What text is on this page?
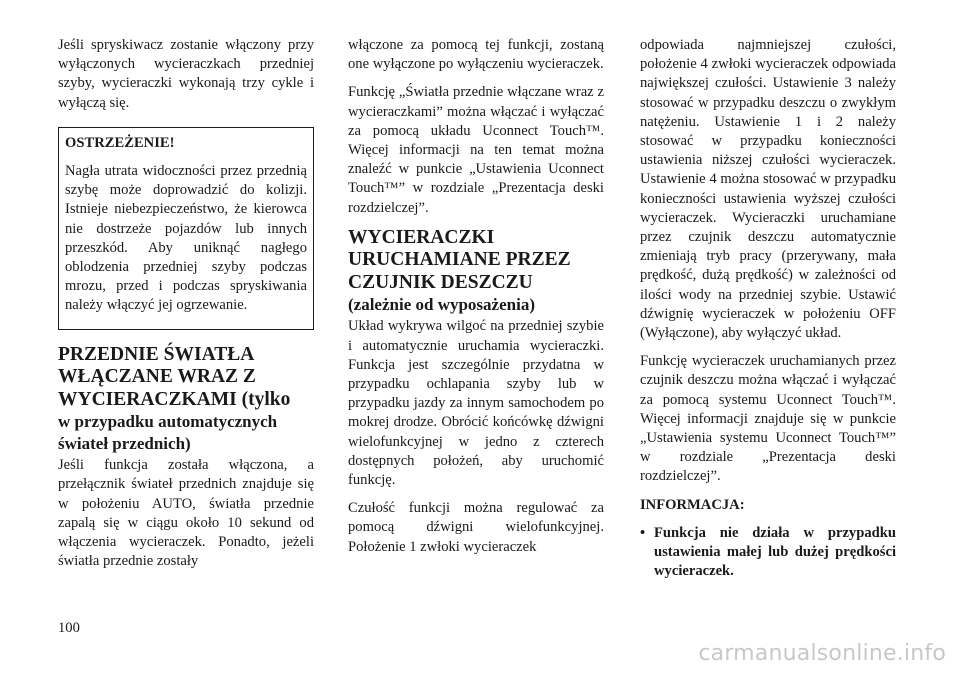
Jeśli spryskiwacz zostanie włączony przy wyłączonych wycieraczkach przedniej szyby, wycieraczki wykonają trzy cykle i wyłączą się.

OSTRZEŻENIE!

Nagła utrata widoczności przez przednią szybę może doprowadzić do kolizji. Istnieje niebezpieczeństwo, że kierowca nie dostrzeże pojazdów lub innych przeszkód. Aby uniknąć nagłego oblodzenia przedniej szyby podczas mrozu, przed i podczas spryskiwania należy włączyć jej ogrzewanie.

PRZEDNIE ŚWIATŁA WŁĄCZANE WRAZ Z WYCIERACZKAMI (tylko
w przypadku automatycznych świateł przednich)

Jeśli funkcja została włączona, a przełącznik świateł przednich znajduje się w położeniu AUTO, światła przednie zapalą się w ciągu około 10 sekund od włączenia wycieraczek. Ponadto, jeżeli światła przednie zostały

włączone za pomocą tej funkcji, zostaną one wyłączone po wyłączeniu wycieraczek.

Funkcję „Światła przednie włączane wraz z wycieraczkami” można włączać i wyłączać za pomocą układu Uconnect Touch™. Więcej informacji na ten temat można znaleźć w punkcie „Ustawienia Uconnect Touch™” w rozdziale „Prezentacja deski rozdzielczej”.

WYCIERACZKI URUCHAMIANE PRZEZ CZUJNIK DESZCZU
(zależnie od wyposażenia)

Układ wykrywa wilgoć na przedniej szybie i automatycznie uruchamia wycieraczki. Funkcja jest szczególnie przydatna w przypadku ochlapania szyby lub w przypadku jazdy za innym samochodem po mokrej drodze. Obrócić końcówkę dźwigni wielofunkcyjnej w jedno z czterech dostępnych położeń, aby uruchomić funkcję.

Czułość funkcji można regulować za pomocą dźwigni wielofunkcyjnej. Położenie 1 zwłoki wycieraczek

odpowiada najmniejszej czułości, położenie 4 zwłoki wycieraczek odpowiada największej czułości. Ustawienie 3 należy stosować w przypadku deszczu o zwykłym natężeniu. Ustawienie 1 i 2 należy stosować w przypadku konieczności ustawienia niższej czułości wycieraczek. Ustawienie 4 można stosować w przypadku konieczności ustawienia wyższej czułości wycieraczek. Wycieraczki uruchamiane przez czujnik deszczu automatycznie zmieniają tryb pracy (przerywany, mała prędkość, dużą prędkość) w zależności od ilości wody na przedniej szybie. Ustawić dźwignię wycieraczek w położeniu OFF (Wyłączone), aby wyłączyć układ.

Funkcję wycieraczek uruchamianych przez czujnik deszczu można włączać i wyłączać za pomocą systemu Uconnect Touch™. Więcej informacji znajduje się w punkcie „Ustawienia systemu Uconnect Touch™” w rozdziale „Prezentacja deski rozdzielczej”.

INFORMACJA:

• Funkcja nie działa w przypadku ustawienia małej lub dużej prędkości wycieraczek.
100
carmanualsonline.info
